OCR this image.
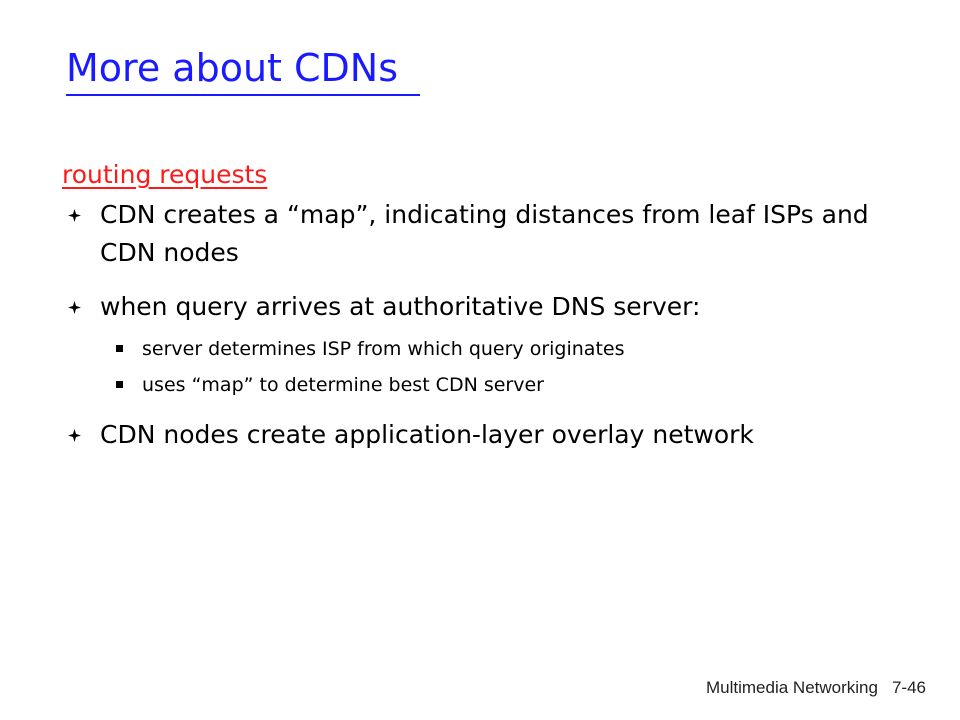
More about CDNs
routing requests
CDN creates a “map”, indicating distances from leaf ISPs and CDN nodes
when query arrives at authoritative DNS server:
server determines ISP from which query originates
uses “map” to determine best CDN server
CDN nodes create application-layer overlay network
Multimedia Networking 7-46
